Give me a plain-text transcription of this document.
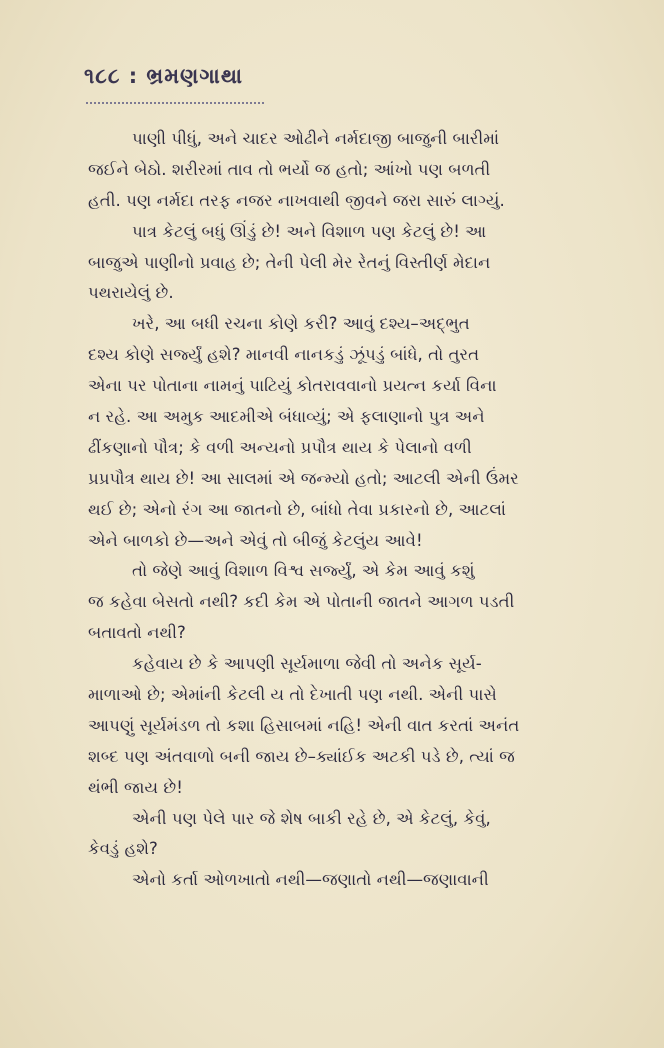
૧૮૮ : ભ્રમણગાથા
પાણી પીધું, અને ચાદર ઓઢીને નર્મદાજી બાજુની બારીમાં
જઈને બેઠો. શરીરમાં તાવ તો ભર્યો જ હતો; આંખો પણ બળતી
હતી. પણ નર્મદા તરફ નજર નાખવાથી જીવને જરા સારું લાગ્યું.
પાત્ર કેટલું બધું ઊંડું છે! અને વિશાળ પણ કેટલું છે! આ
બાજુએ પાણીનો પ્રવાહ છે; તેની પેલી મેર રેતનું વિસ્તીર્ણ મેદાન
પથરાયેલું છે.
ખરે, આ બધી રચના કોણે કરી? આવું દશ્ય–અદ્ભુત
દશ્ય કોણે સર્જ્યું હશે? માનવી નાનકડું ઝૂંપડું બાંધે, તો તુરત
એના પર પોતાના નામનું પાટિયું કોતરાવવાનો પ્રયત્ન કર્યા વિના
ન રહે. આ અમુક આદમીએ બંધાવ્યું; એ ફલાણાનો પુત્ર અને
ઢીંકણાનો પૌત્ર; કે વળી અન્યનો પ્રપૌત્ર થાય કે પેલાનો વળી
પ્રપ્રપૌત્ર થાય છે! આ સાલમાં એ જન્મ્યો હતો; આટલી એની ઉંમર
થઈ છે; એનો રંગ આ જાતનો છે, બાંધો તેવા પ્રકારનો છે, આટલાં
એને બાળકો છે—અને એવું તો બીજું કેટલુંય આવે!
તો જેણે આવું વિશાળ વિશ્વ સર્જ્યું, એ કેમ આવું કશું
જ કહેવા બેસતો નથી? કદી કેમ એ પોતાની જાતને આગળ પડતી
બતાવતો નથી?
કહેવાય છે કે આપણી સૂર્યમાળા જેવી તો અનેક સૂર્ય-
માળાઓ છે; એમાંની કેટલી ય તો દેખાતી પણ નથી. એની પાસે
આપણું સૂર્યમંડળ તો કશા હિસાબમાં નહિ! એની વાત કરતાં અનંત
શબ્દ પણ અંતવાળો બની જાય છે–ક્યાંઈક અટકી પડે છે, ત્યાં જ
થંભી જાય છે!
એની પણ પેલે પાર જે શેષ બાકી રહે છે, એ કેટલું, કેવું,
કેવડું હશે?
એનો કર્તા ઓળખાતો નથી—જણાતો નથી—જણાવાની
